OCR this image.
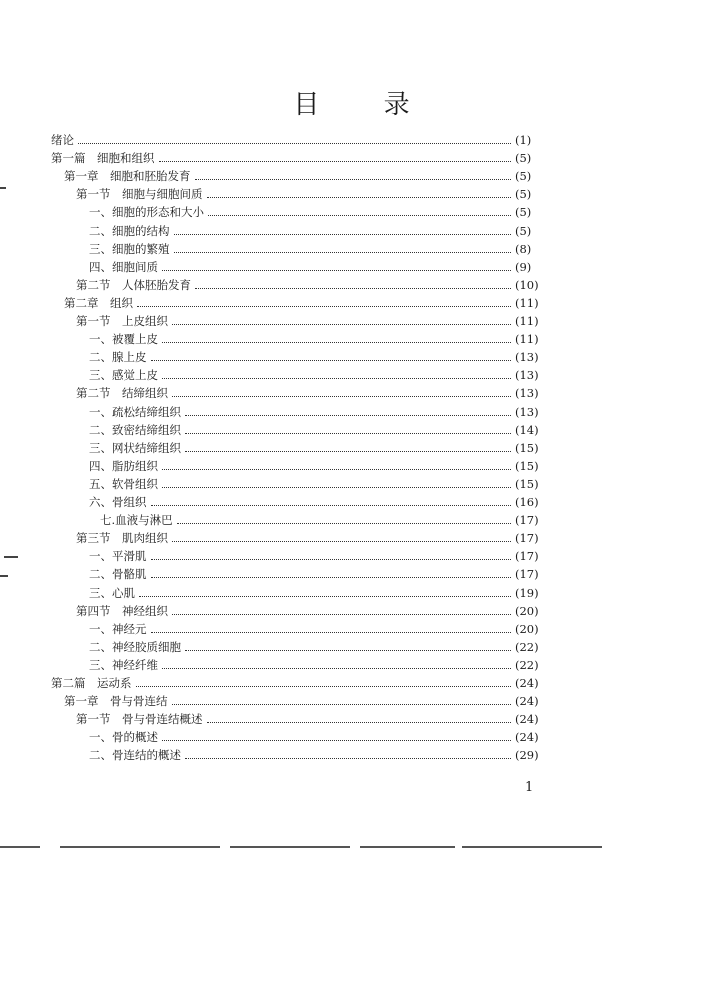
目 录
绪论	(1)
第一篇　细胞和组织	(5)
第一章　细胞和胚胎发育	(5)
第一节　细胞与细胞间质	(5)
一、细胞的形态和大小	(5)
二、细胞的结构	(5)
三、细胞的繁殖	(8)
四、细胞间质	(9)
第二节　人体胚胎发育	(10)
第二章　组织	(11)
第一节　上皮组织	(11)
一、被覆上皮	(11)
二、腺上皮	(13)
三、感觉上皮	(13)
第二节　结缔组织	(13)
一、疏松结缔组织	(13)
二、致密结缔组织	(14)
三、网状结缔组织	(15)
四、脂肪组织	(15)
五、软骨组织	(15)
六、骨组织	(16)
七.血液与淋巴	(17)
第三节　肌肉组织	(17)
一、平滑肌	(17)
二、骨骼肌	(17)
三、心肌	(19)
第四节　神经组织	(20)
一、神经元	(20)
二、神经胶质细胞	(22)
三、神经纤维	(22)
第二篇　运动系	(24)
第一章　骨与骨连结	(24)
第一节　骨与骨连结概述	(24)
一、骨的概述	(24)
二、骨连结的概述	(29)
1
